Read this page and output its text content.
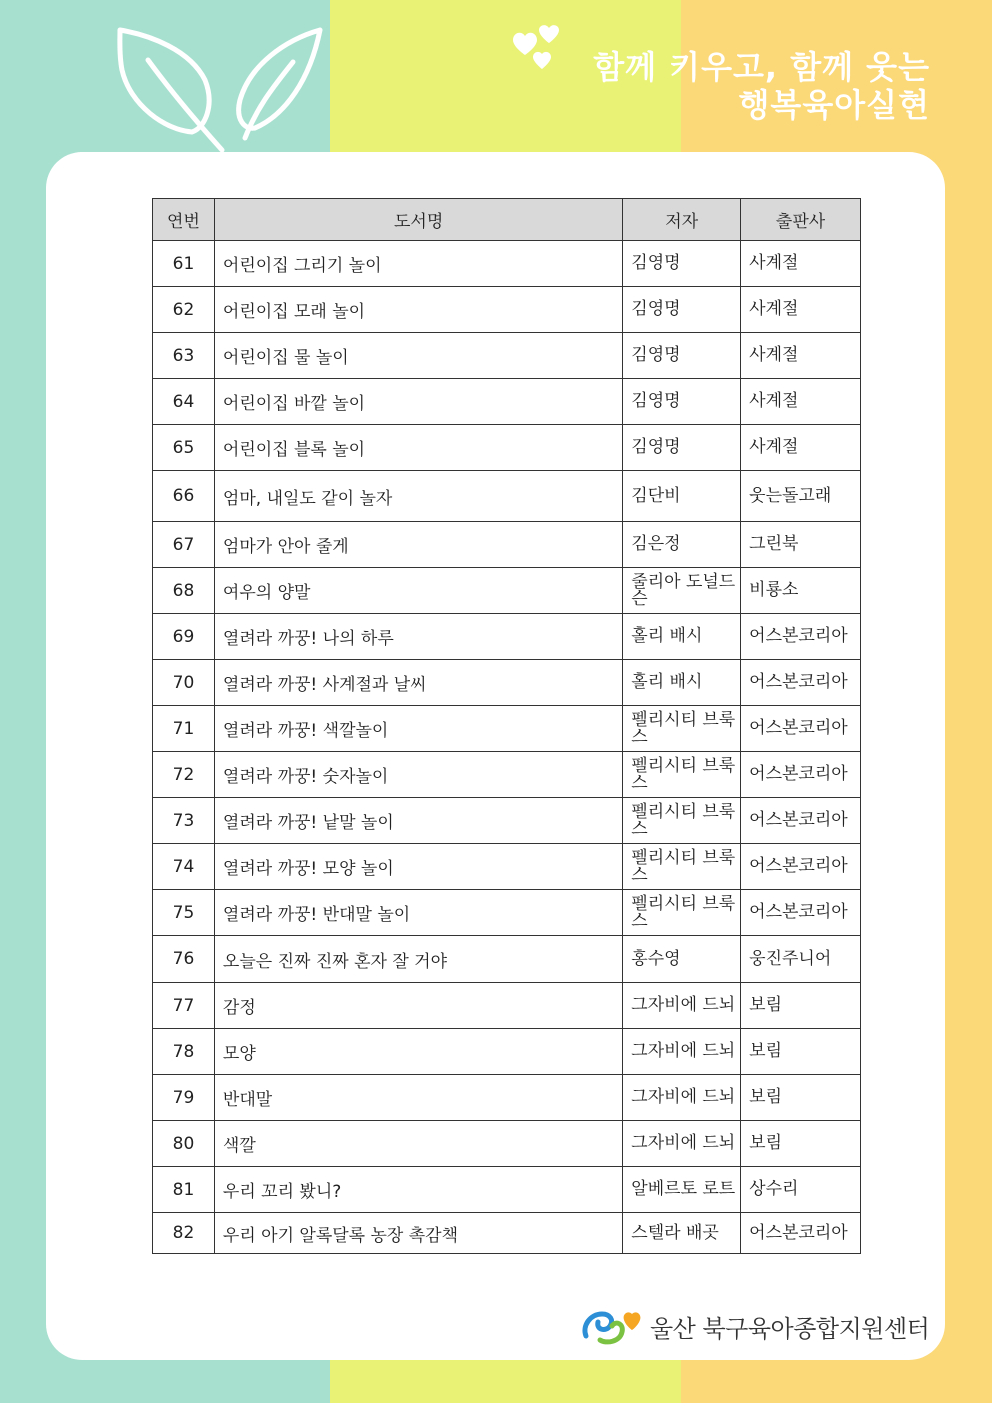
함께 키우고, 함께 웃는
행복육아실현
연번	도서명	저자	출판사
61	어린이집 그리기 놀이	김영명	사계절
62	어린이집 모래 놀이	김영명	사계절
63	어린이집 물 놀이	김영명	사계절
64	어린이집 바깥 놀이	김영명	사계절
65	어린이집 블록 놀이	김영명	사계절
66	엄마, 내일도 같이 놀자	김단비	웃는돌고래
67	엄마가 안아 줄게	김은정	그린북
68	여우의 양말	줄리아 도널드슨	비룡소
69	열려라 까꿍! 나의 하루	홀리 배시	어스본코리아
70	열려라 까꿍! 사계절과 날씨	홀리 배시	어스본코리아
71	열려라 까꿍! 색깔놀이	펠리시티 브룩스	어스본코리아
72	열려라 까꿍! 숫자놀이	펠리시티 브룩스	어스본코리아
73	열려라 까꿍! 낱말 놀이	펠리시티 브룩스	어스본코리아
74	열려라 까꿍! 모양 놀이	펠리시티 브룩스	어스본코리아
75	열려라 까꿍! 반대말 놀이	펠리시티 브룩스	어스본코리아
76	오늘은 진짜 진짜 혼자 잘 거야	홍수영	웅진주니어
77	감정	그자비에 드뇌	보림
78	모양	그자비에 드뇌	보림
79	반대말	그자비에 드뇌	보림
80	색깔	그자비에 드뇌	보림
81	우리 꼬리 봤니?	알베르토 로트	상수리
82	우리 아기 알록달록 농장 촉감책	스텔라 배곳	어스본코리아
울산 북구육아종합지원센터
